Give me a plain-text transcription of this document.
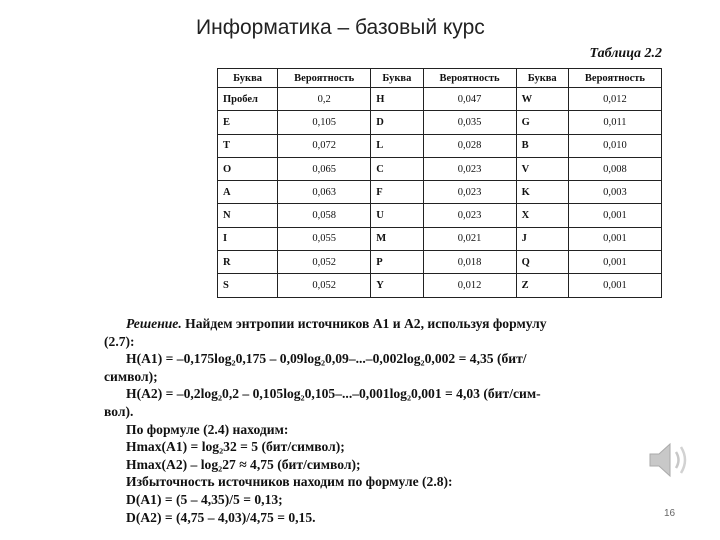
Информатика – базовый курс
Таблица 2.2
Буква	Вероятность	Буква	Вероятность	Буква	Вероятность
Пробел	0,2	H	0,047	W	0,012
E	0,105	D	0,035	G	0,011
T	0,072	L	0,028	B	0,010
O	0,065	C	0,023	V	0,008
A	0,063	F	0,023	K	0,003
N	0,058	U	0,023	X	0,001
I	0,055	M	0,021	J	0,001
R	0,052	P	0,018	Q	0,001
S	0,052	Y	0,012	Z	0,001
Решение. Найдем энтропии источников А1 и А2, используя формулу
(2.7):
H(A1) = –0,175log₂0,175 – 0,09log₂0,09–...–0,002log₂0,002 = 4,35 (бит/
символ);
H(A2) = –0,2log₂0,2 – 0,105log₂0,105–...–0,001log₂0,001 = 4,03 (бит/сим-
вол).
По формуле (2.4) находим:
Hmax(A1) = log₂32 = 5 (бит/символ);
Hmax(A2) – log₂27 ≈ 4,75 (бит/символ);
Избыточность источников находим по формуле (2.8):
D(A1) = (5 – 4,35)/5 = 0,13;
D(A2) = (4,75 – 4,03)/4,75 = 0,15.	16
